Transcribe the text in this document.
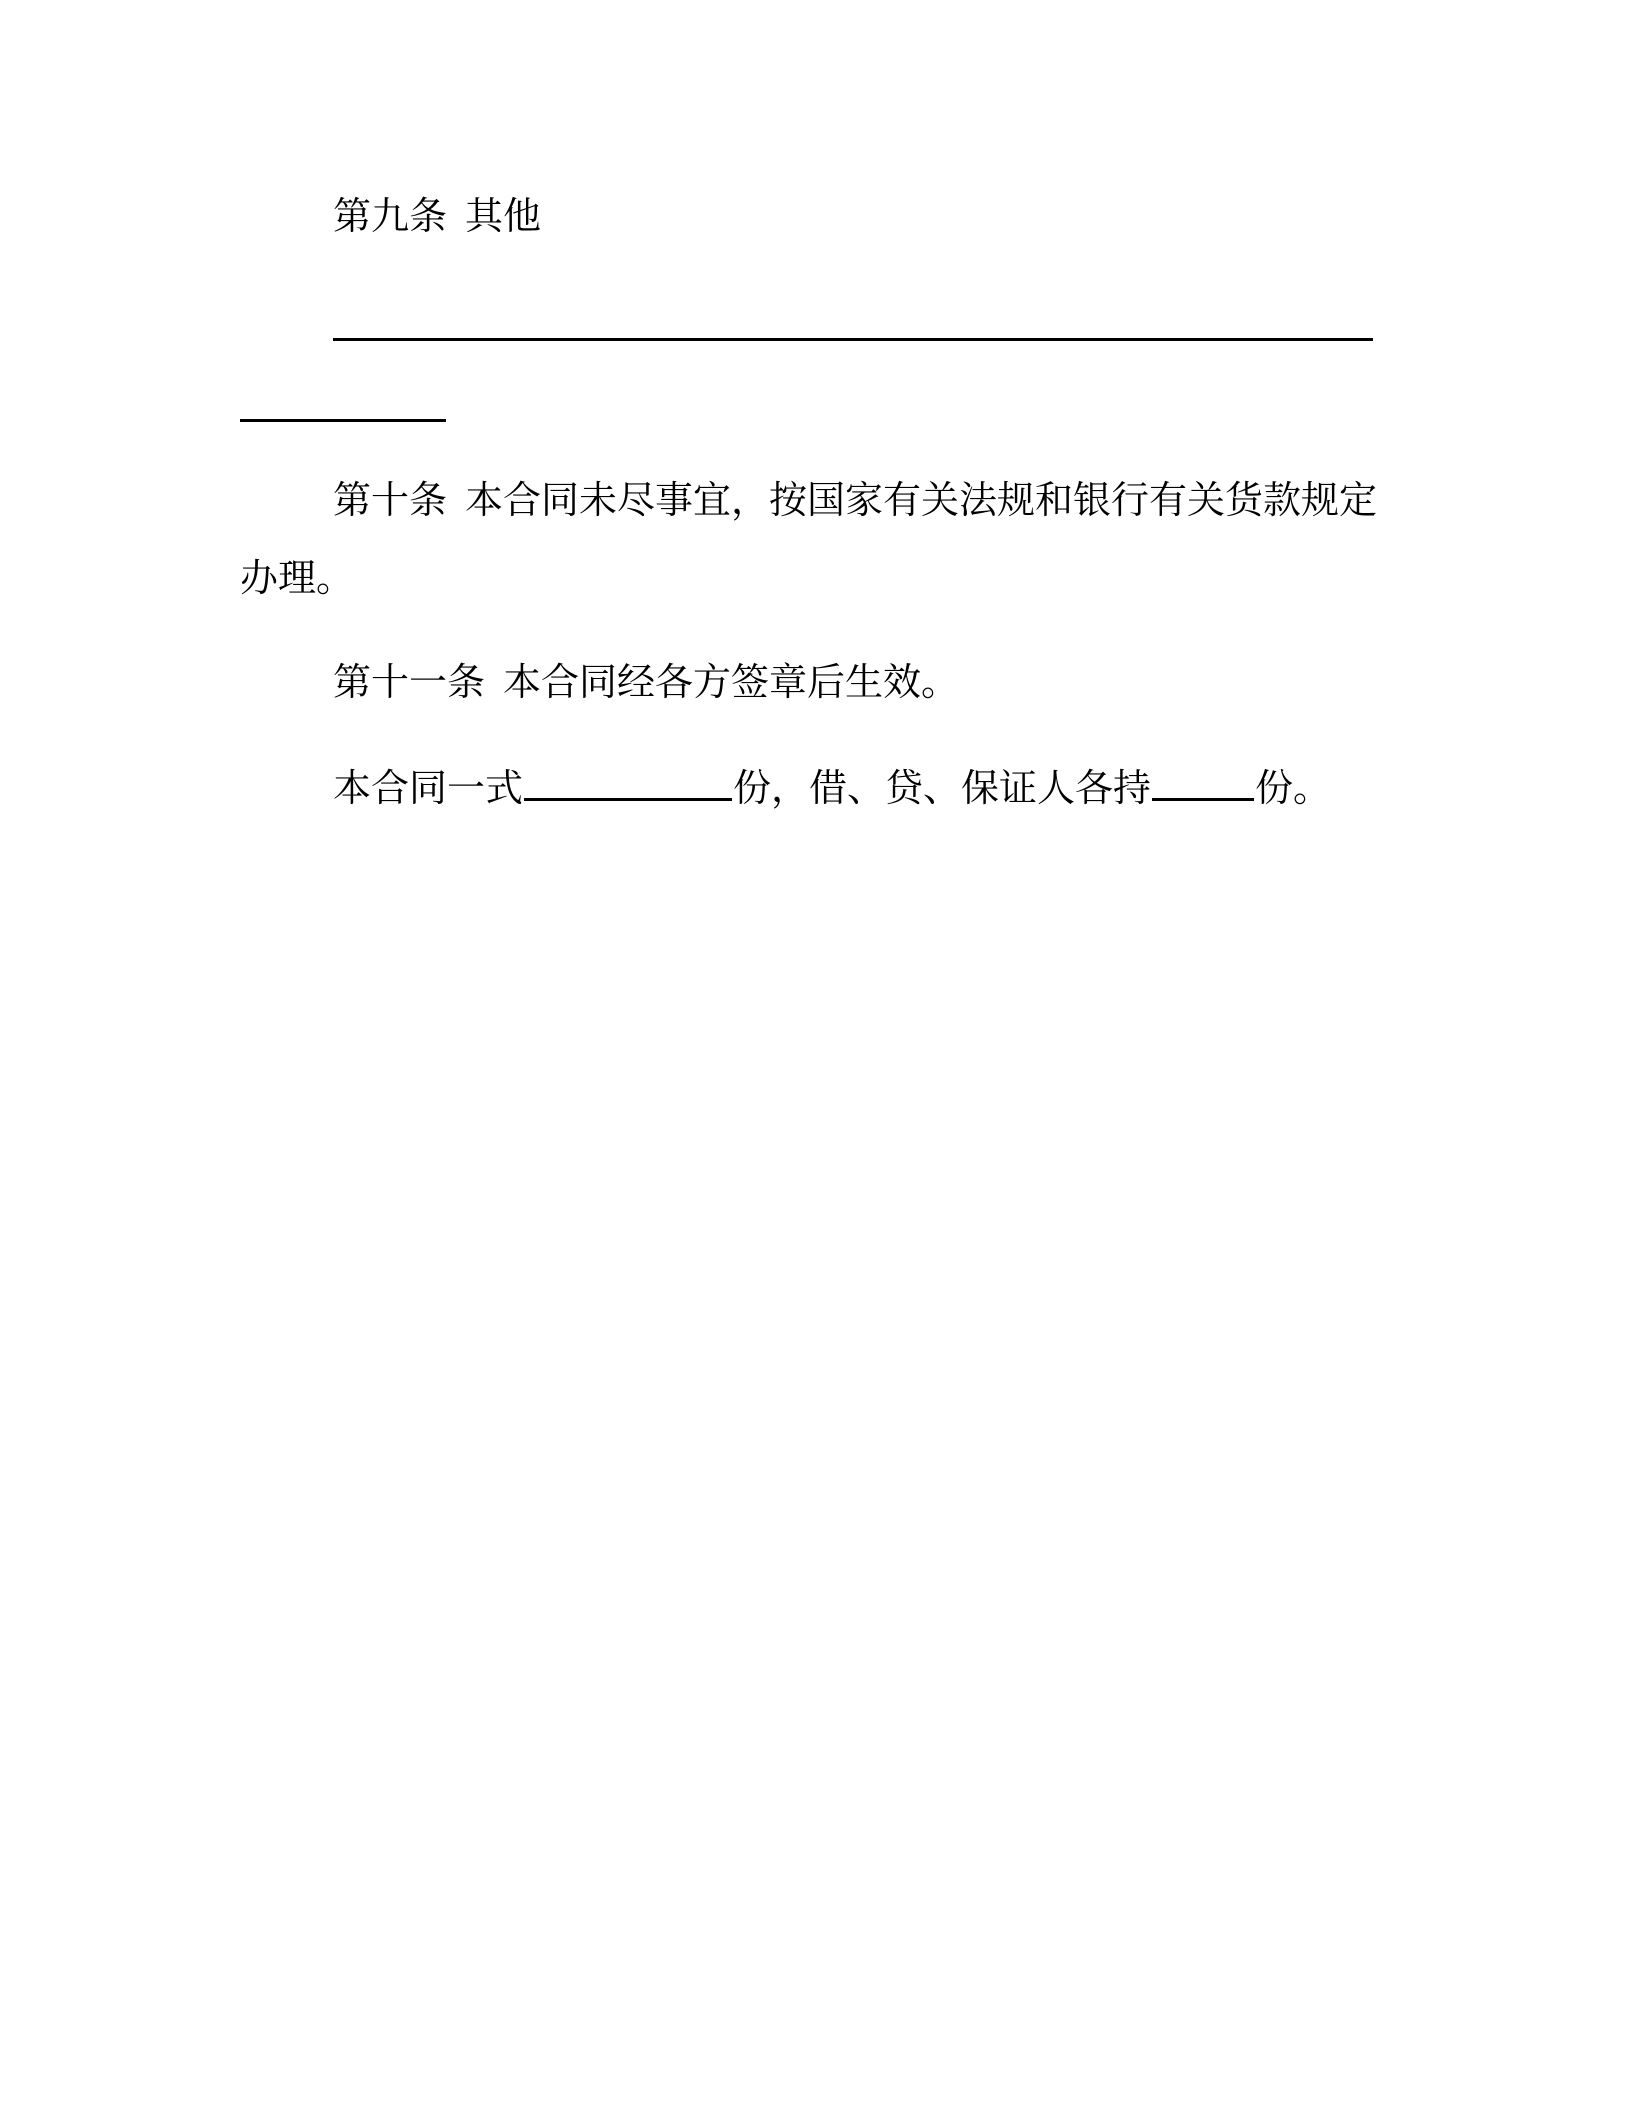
第九条 其他
第十条 本合同未尽事宜，按国家有关法规和银行有关货款规定
办理。
第十一条 本合同经各方签章后生效。
本合同一式	份，借、贷、保证人各持	份。
